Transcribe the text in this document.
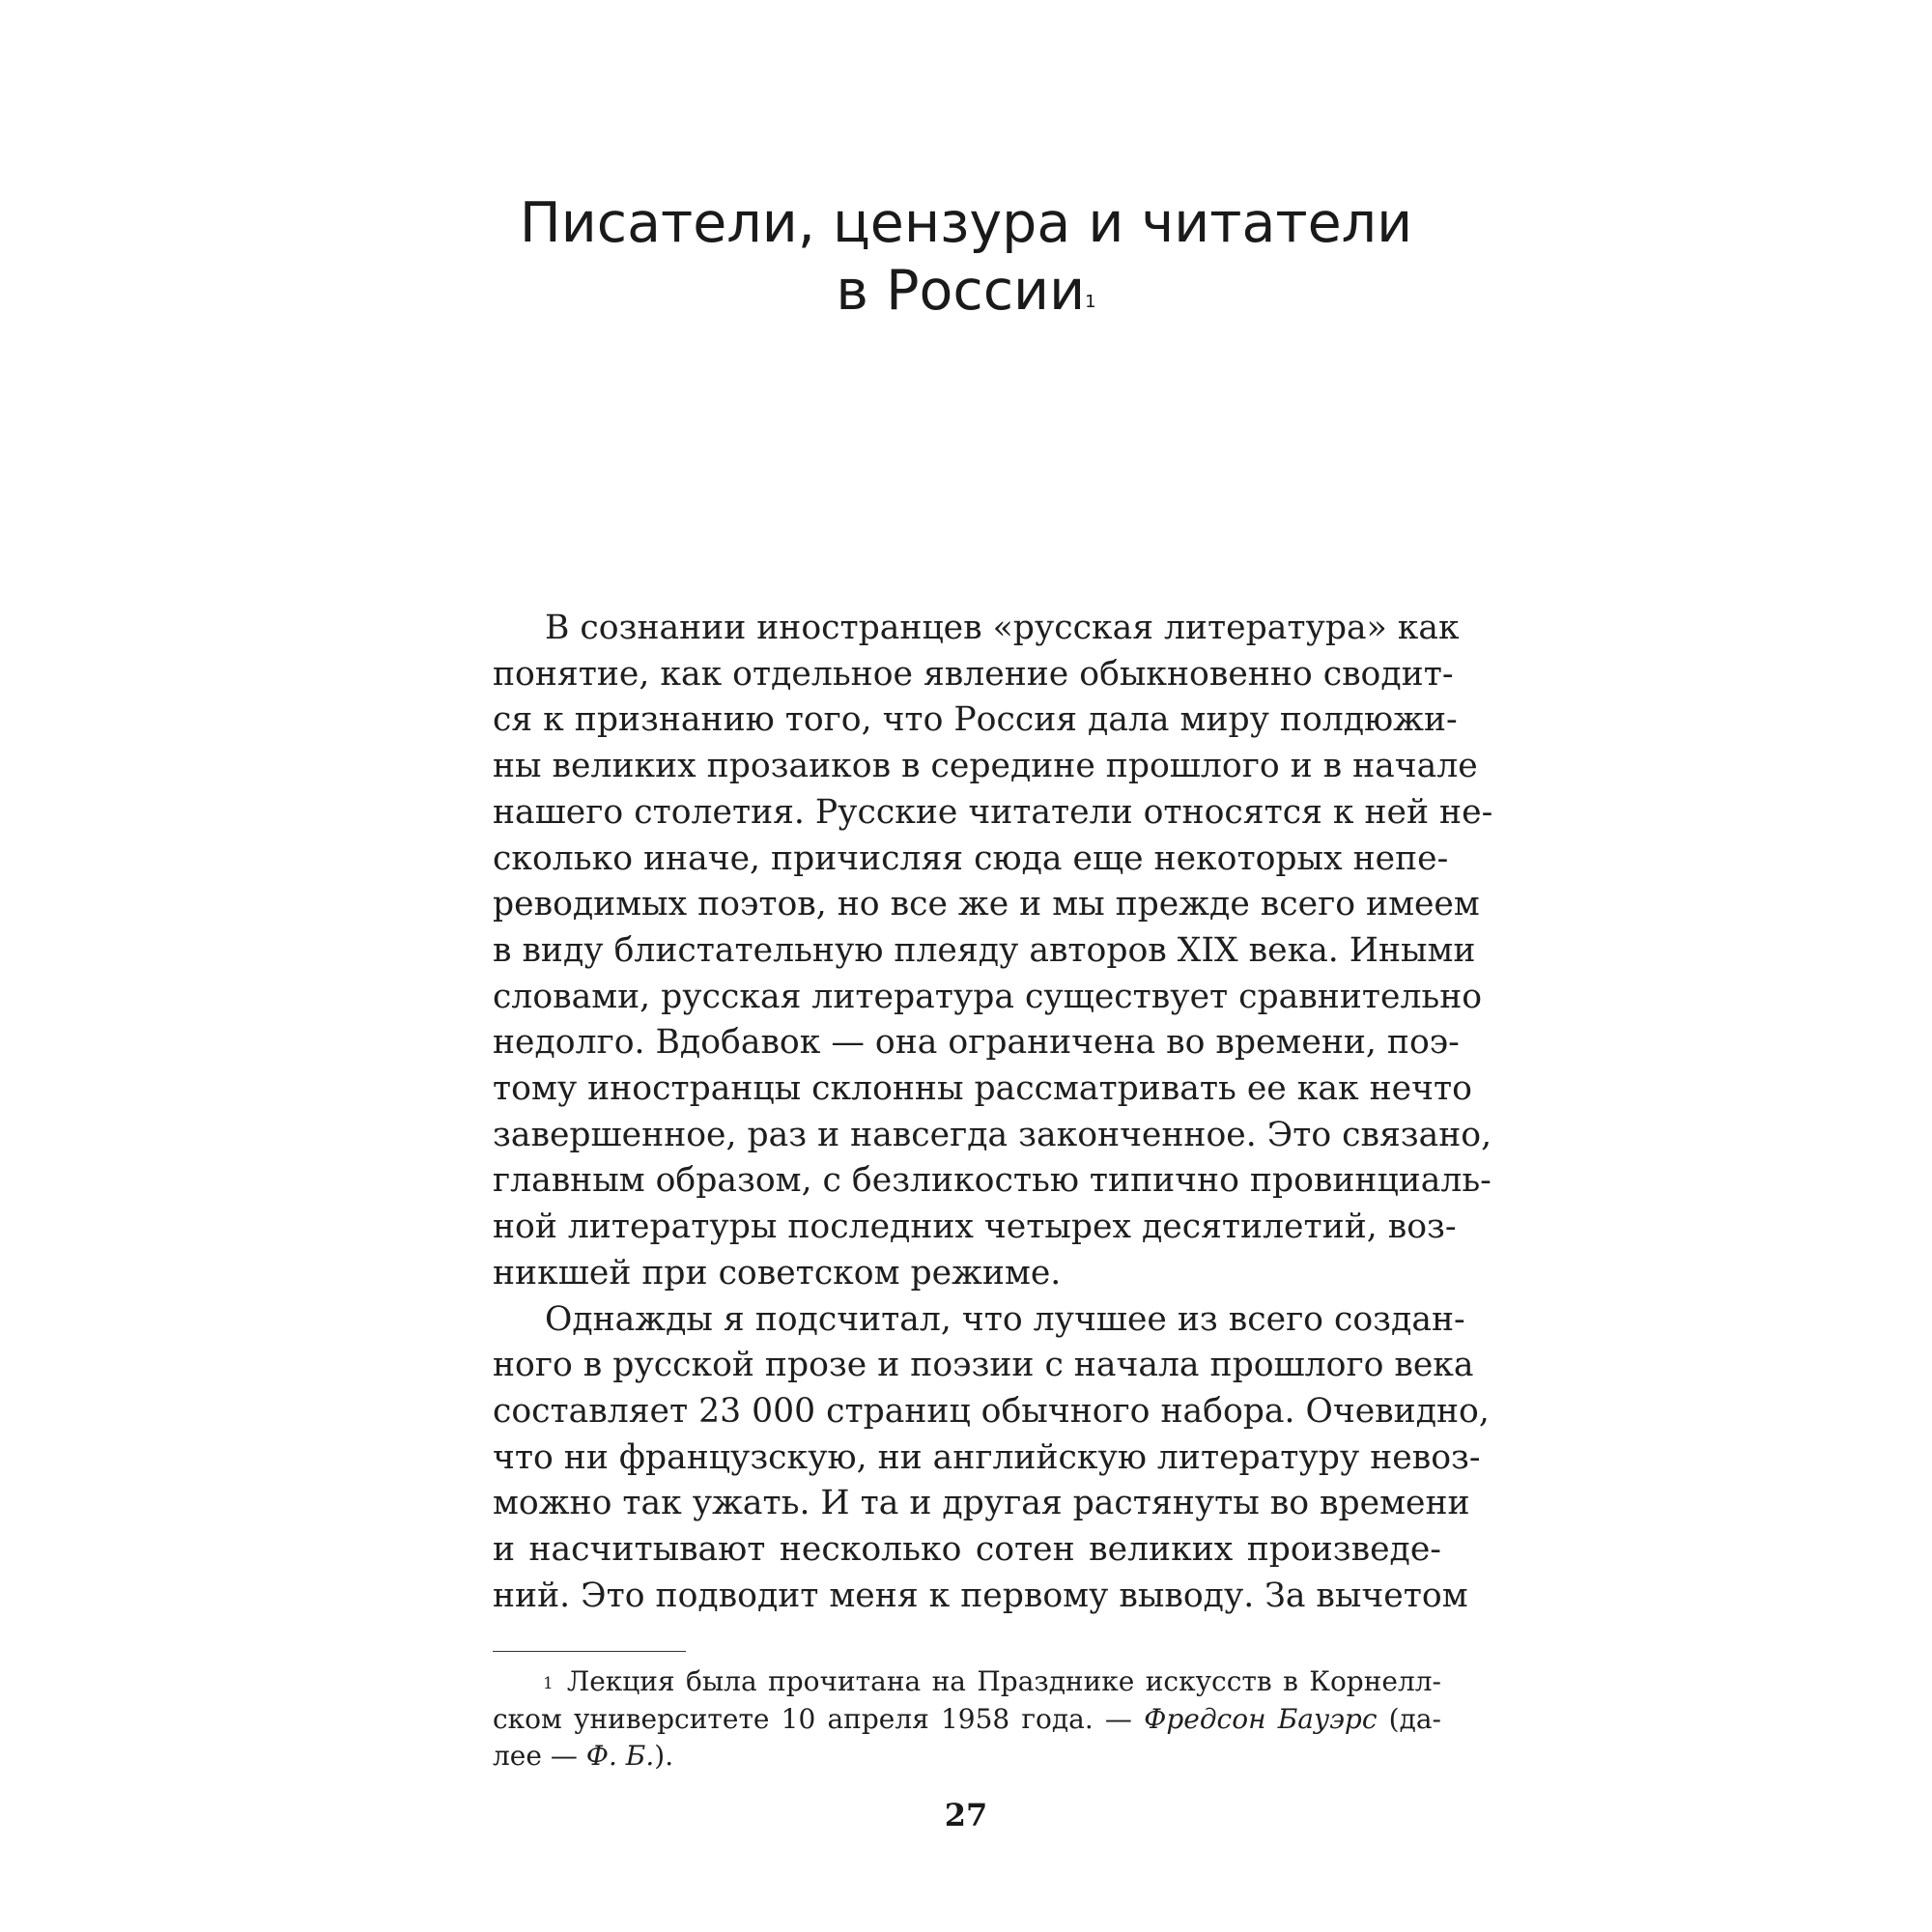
Писатели, цензура и читатели
в России$^1$
В сознании иностранцев «русская литература» как
понятие, как отдельное явление обыкновенно сводит-
ся к признанию того, что Россия дала миру полдюжи-
ны великих прозаиков в середине прошлого и в начале
нашего столетия. Русские читатели относятся к ней не-
сколько иначе, причисляя сюда еще некоторых непе-
реводимых поэтов, но все же и мы прежде всего имеем
в виду блистательную плеяду авторов XIX века. Иными
словами, русская литература существует сравнительно
недолго. Вдобавок — она ограничена во времени, поэ-
тому иностранцы склонны рассматривать ее как нечто
завершенное, раз и навсегда законченное. Это связано,
главным образом, с безликостью типично провинциаль-
ной литературы последних четырех десятилетий, воз-
никшей при советском режиме.
Однажды я подсчитал, что лучшее из всего создан-
ного в русской прозе и поэзии с начала прошлого века
составляет 23 000 страниц обычного набора. Очевидно,
что ни французскую, ни английскую литературу невоз-
можно так ужать. И та и другая растянуты во времени
и насчитывают несколько сотен великих произведе-
ний. Это подводит меня к первому выводу. За вычетом
$^1$ Лекция была прочитана на Празднике искусств в Корнелл-
ском университете 10 апреля 1958 года. — Фредсон Бауэрс (да-
лее — Ф. Б.).
27
